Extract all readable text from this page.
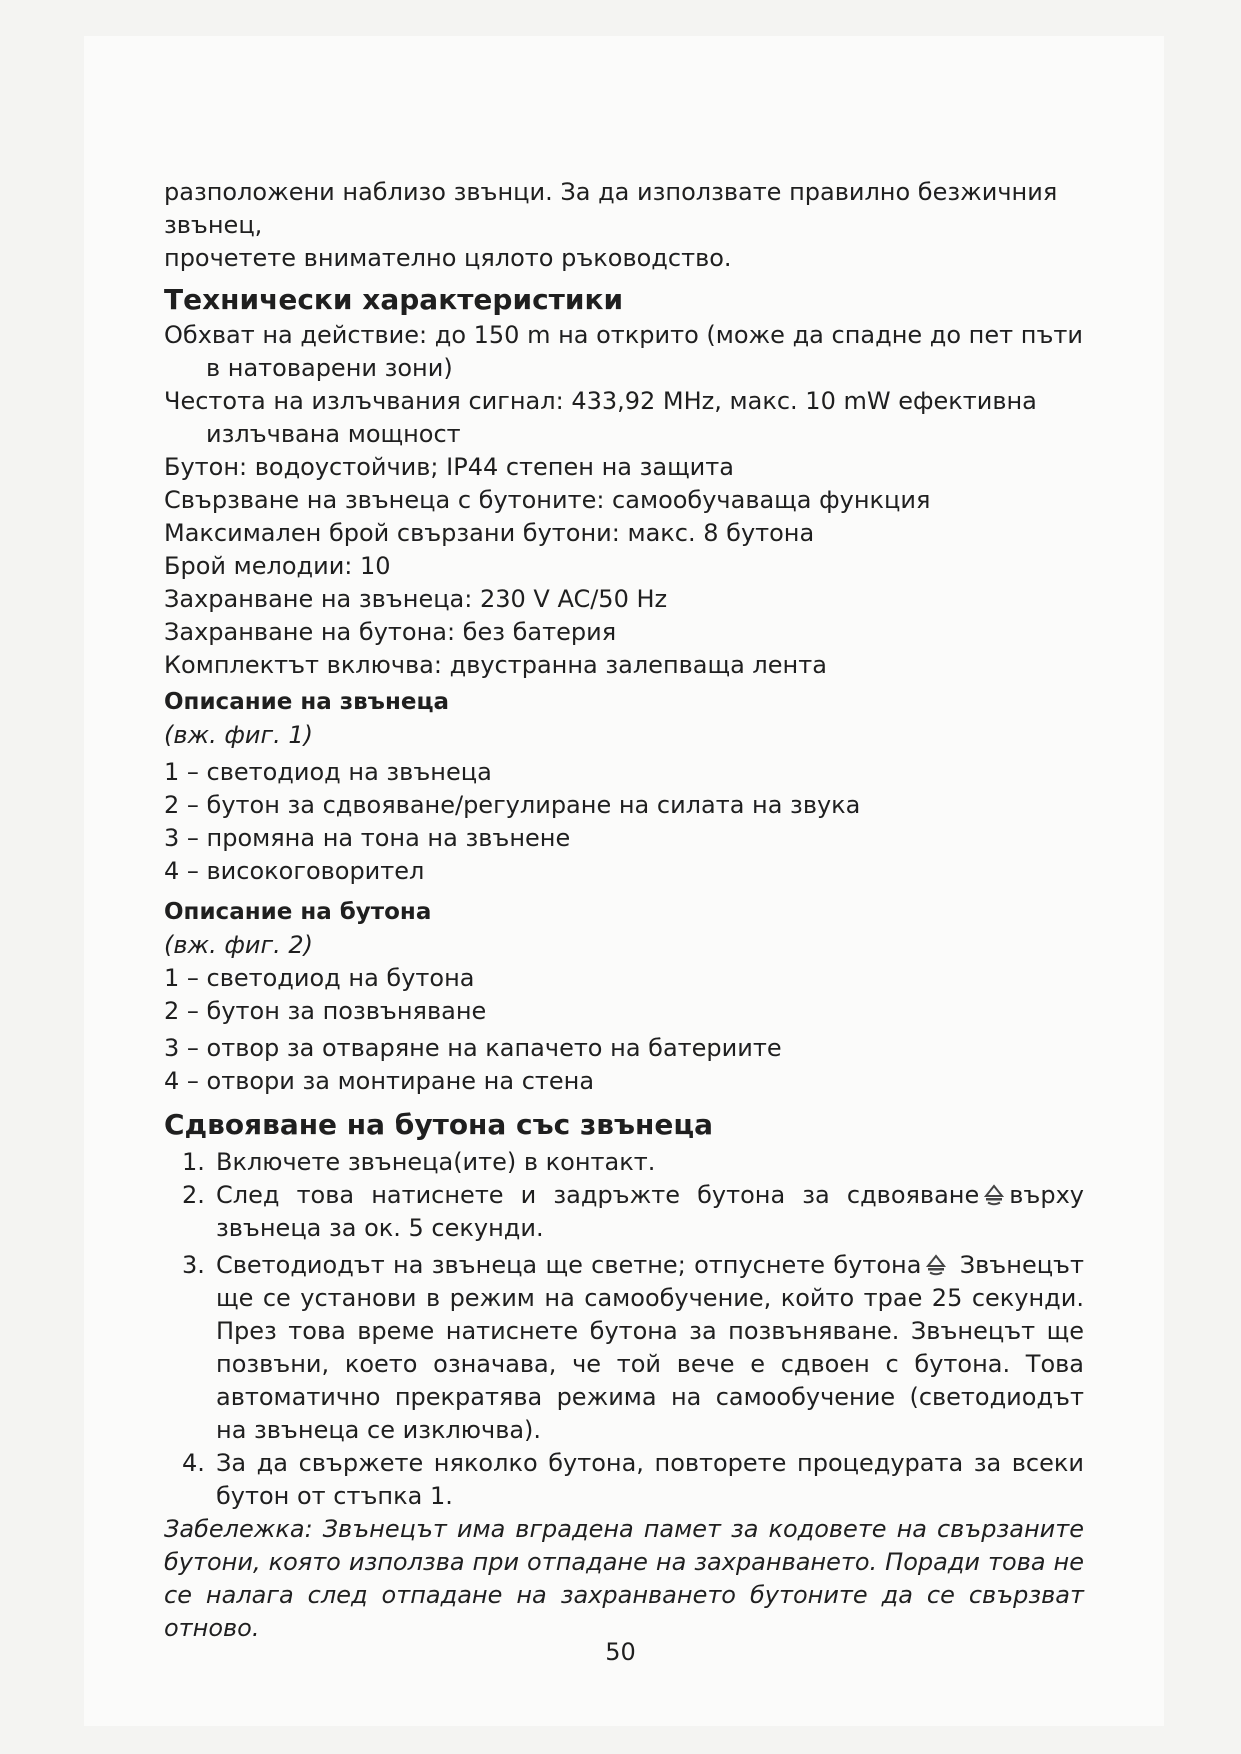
разположени наблизо звънци. За да използвате правилно безжичния звънец,

прочетете внимателно цялото ръководство.

Технически характеристики

Обхват на действие: до 150 m на открито (може да спадне до пет пъти в натоварени зони)

Честота на излъчвания сигнал: 433,92 MHz, макс. 10 mW ефективна излъчвана мощност

Бутон: водоустойчив; IP44 степен на защита

Свързване на звънеца с бутоните: самообучаваща функция

Максимален брой свързани бутони: макс. 8 бутона

Брой мелодии: 10

Захранване на звънеца: 230 V AC/50 Hz

Захранване на бутона: без батерия

Комплектът включва: двустранна залепваща лента

Описание на звънеца

(вж. фиг. 1)

1 – светодиод на звънеца

2 – бутон за сдвояване/регулиране на силата на звука

3 – промяна на тона на звънене

4 – високоговорител

Описание на бутона

(вж. фиг. 2)

1 – светодиод на бутона

2 – бутон за позвъняване

3 – отвор за отваряне на капачето на батериите

4 – отвори за монтиране на стена

Сдвояване на бутона със звънеца
1. Включете звънеца(ите) в контакт.
2. След това натиснете и задръжте бутона за сдвояване върху звънеца за ок. 5 секунди.
3. Светодиодът на звънеца ще светне; отпуснете бутона Звънецът ще се установи в режим на самообучение, който трае 25 секунди. През това време натиснете бутона за позвъняване. Звънецът ще позвъни, което означава, че той вече е сдвоен с бутона. Това автоматично прекратява режима на самообучение (светодиодът на звънеца се изключва).
4. За да свържете няколко бутона, повторете процедурата за всеки бутон от стъпка 1.

Забележка: Звънецът има вградена памет за кодовете на свързаните бутони, която използва при отпадане на захранването. Поради това не се налага след отпадане на захранването бутоните да се свързват отново.

50
